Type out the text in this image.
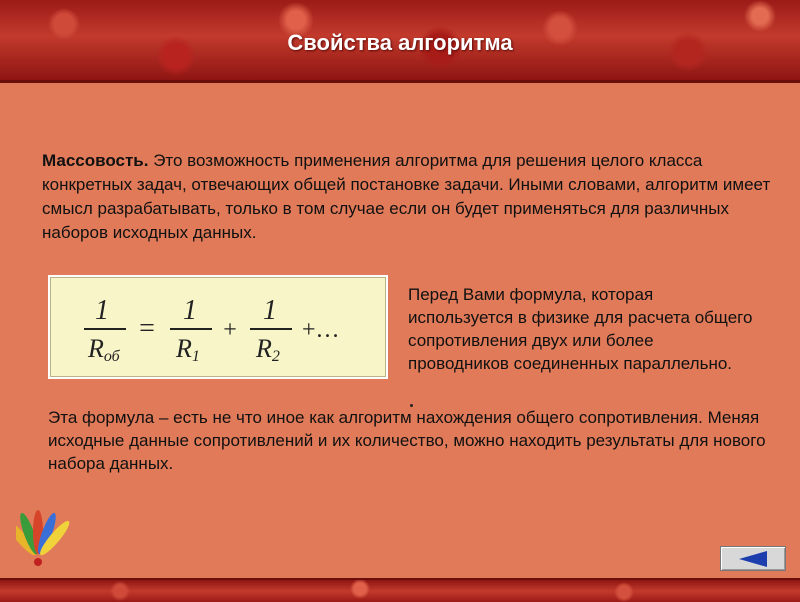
Свойства алгоритма
Массовость. Это возможность применения алгоритма для решения целого класса конкретных задач, отвечающих общей постановке задачи. Иными словами, алгоритм имеет смысл разрабатывать, только в том случае если он будет применяться для различных наборов исходных данных.
1
Rоб
=
1
R1
+
1
R2
+…
Перед Вами формула, которая используется в физике для расчета общего сопротивления двух или более проводников соединенных параллельно.
Эта формула – есть не что иное как алгоритм нахождения общего сопротивления. Меняя исходные данные сопротивлений и их количество, можно находить результаты для нового набора данных.
